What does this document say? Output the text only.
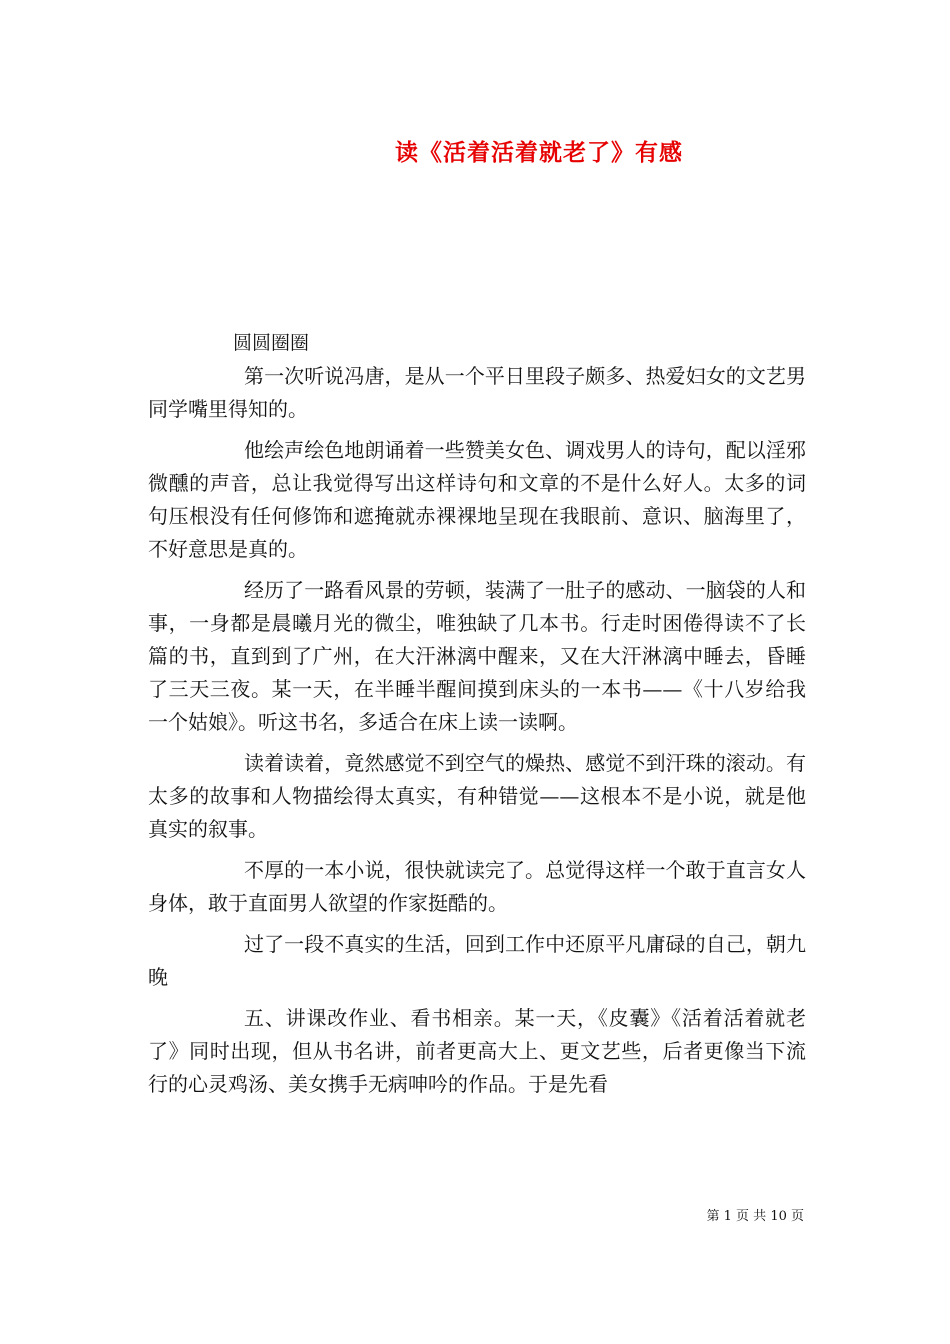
读《活着活着就老了》有感
圆圆圈圈

第一次听说冯唐，是从一个平日里段子颇多、热爱妇女的文艺男同学嘴里得知的。

他绘声绘色地朗诵着一些赞美女色、调戏男人的诗句，配以淫邪微醺的声音，总让我觉得写出这样诗句和文章的不是什么好人。太多的词句压根没有任何修饰和遮掩就赤裸裸地呈现在我眼前、意识、脑海里了，不好意思是真的。

经历了一路看风景的劳顿，装满了一肚子的感动、一脑袋的人和事，一身都是晨曦月光的微尘，唯独缺了几本书。行走时困倦得读不了长篇的书，直到到了广州，在大汗淋漓中醒来，又在大汗淋漓中睡去，昏睡了三天三夜。某一天，在半睡半醒间摸到床头的一本书——《十八岁给我一个姑娘》。听这书名，多适合在床上读一读啊。

读着读着，竟然感觉不到空气的燥热、感觉不到汗珠的滚动。有太多的故事和人物描绘得太真实，有种错觉——这根本不是小说，就是他真实的叙事。

不厚的一本小说，很快就读完了。总觉得这样一个敢于直言女人身体，敢于直面男人欲望的作家挺酷的。

过了一段不真实的生活，回到工作中还原平凡庸碌的自己，朝九晚

五、讲课改作业、看书相亲。某一天，《皮囊》《活着活着就老了》同时出现，但从书名讲，前者更高大上、更文艺些，后者更像当下流行的心灵鸡汤、美女携手无病呻吟的作品。于是先看

第 1 页 共 10 页
